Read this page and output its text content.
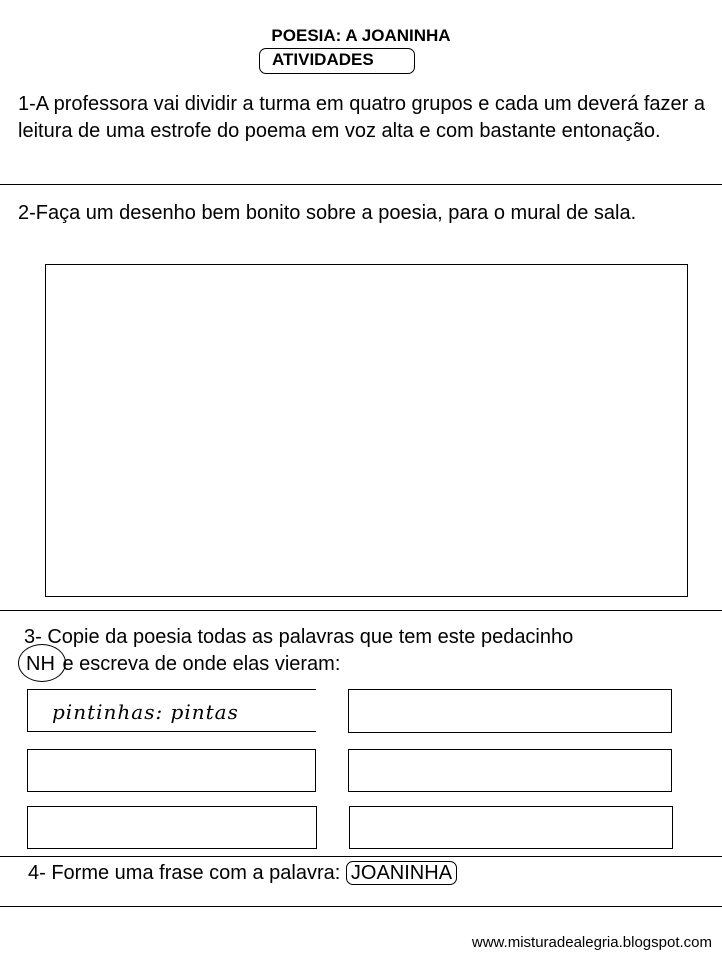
POESIA: A JOANINHA
ATIVIDADES
1-A professora vai dividir a turma em quatro grupos e cada um deverá fazer a leitura de uma estrofe do poema em voz alta e com bastante entonação.
2-Faça um desenho bem bonito sobre a poesia, para o mural de sala.
3- Copie da poesia todas as palavras que tem este pedacinho

NH e escreva de onde elas vieram:
pintinhas: pintas
4- Forme uma frase com a palavra: JOANINHA
www.misturadealegria.blogspot.com
